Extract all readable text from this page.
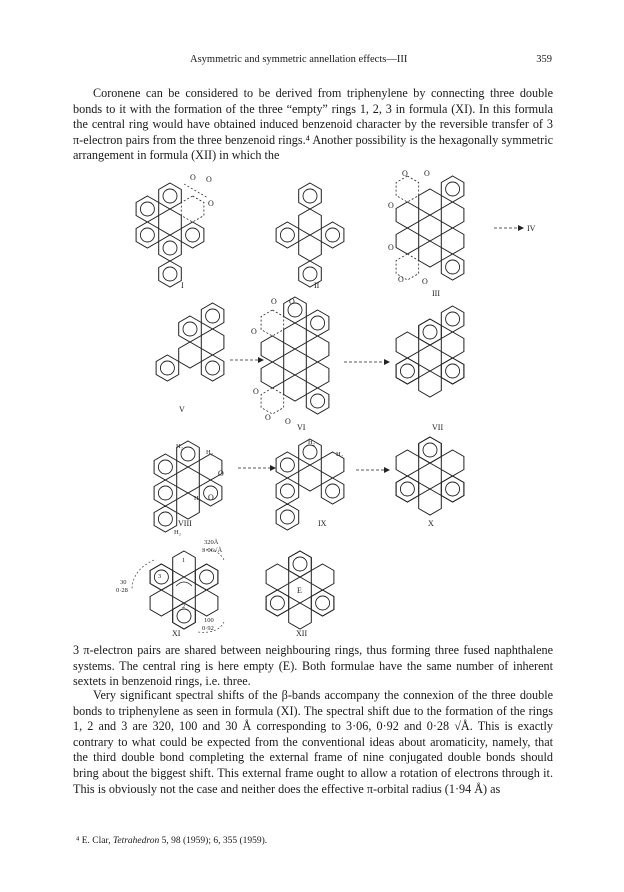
Asymmetric and symmetric annellation effects—III	359

Coronene can be considered to be derived from triphenylene by connecting three double bonds to it with the formation of the three “empty” rings 1, 2, 3 in formula (XI). In this formula the central ring would have obtained induced benzenoid character by the reversible transfer of 3 π-electron pairs from the three benzenoid rings.⁴ Another possibility is the hexagonally symmetric arrangement in formula (XII) in which the

O O
O
I	II
O O
O
O
O O
III
IV
V
O O
O
O
O O
VI	VII
H₂
H₂
H₂
H₂
O
O
VIII
H₂
H₂
IX	X
3
2
1
320Å
3·06√Å
30
0·28
100
0·92
XI
E
XII

3 π-electron pairs are shared between neighbouring rings, thus forming three fused naphthalene systems. The central ring is here empty (E). Both formulae have the same number of inherent sextets in benzenoid rings, i.e. three.

Very significant spectral shifts of the β-bands accompany the connexion of the three double bonds to triphenylene as seen in formula (XI). The spectral shift due to the formation of the rings 1, 2 and 3 are 320, 100 and 30 Å corresponding to 3·06, 0·92 and 0·28 √Å. This is exactly contrary to what could be expected from the conventional ideas about aromaticity, namely, that the third double bond completing the external frame of nine conjugated double bonds should bring about the biggest shift. This external frame ought to allow a rotation of electrons through it. This is obviously not the case and neither does the effective π-orbital radius (1·94 Å) as

⁴ E. Clar, Tetrahedron 5, 98 (1959); 6, 355 (1959).
